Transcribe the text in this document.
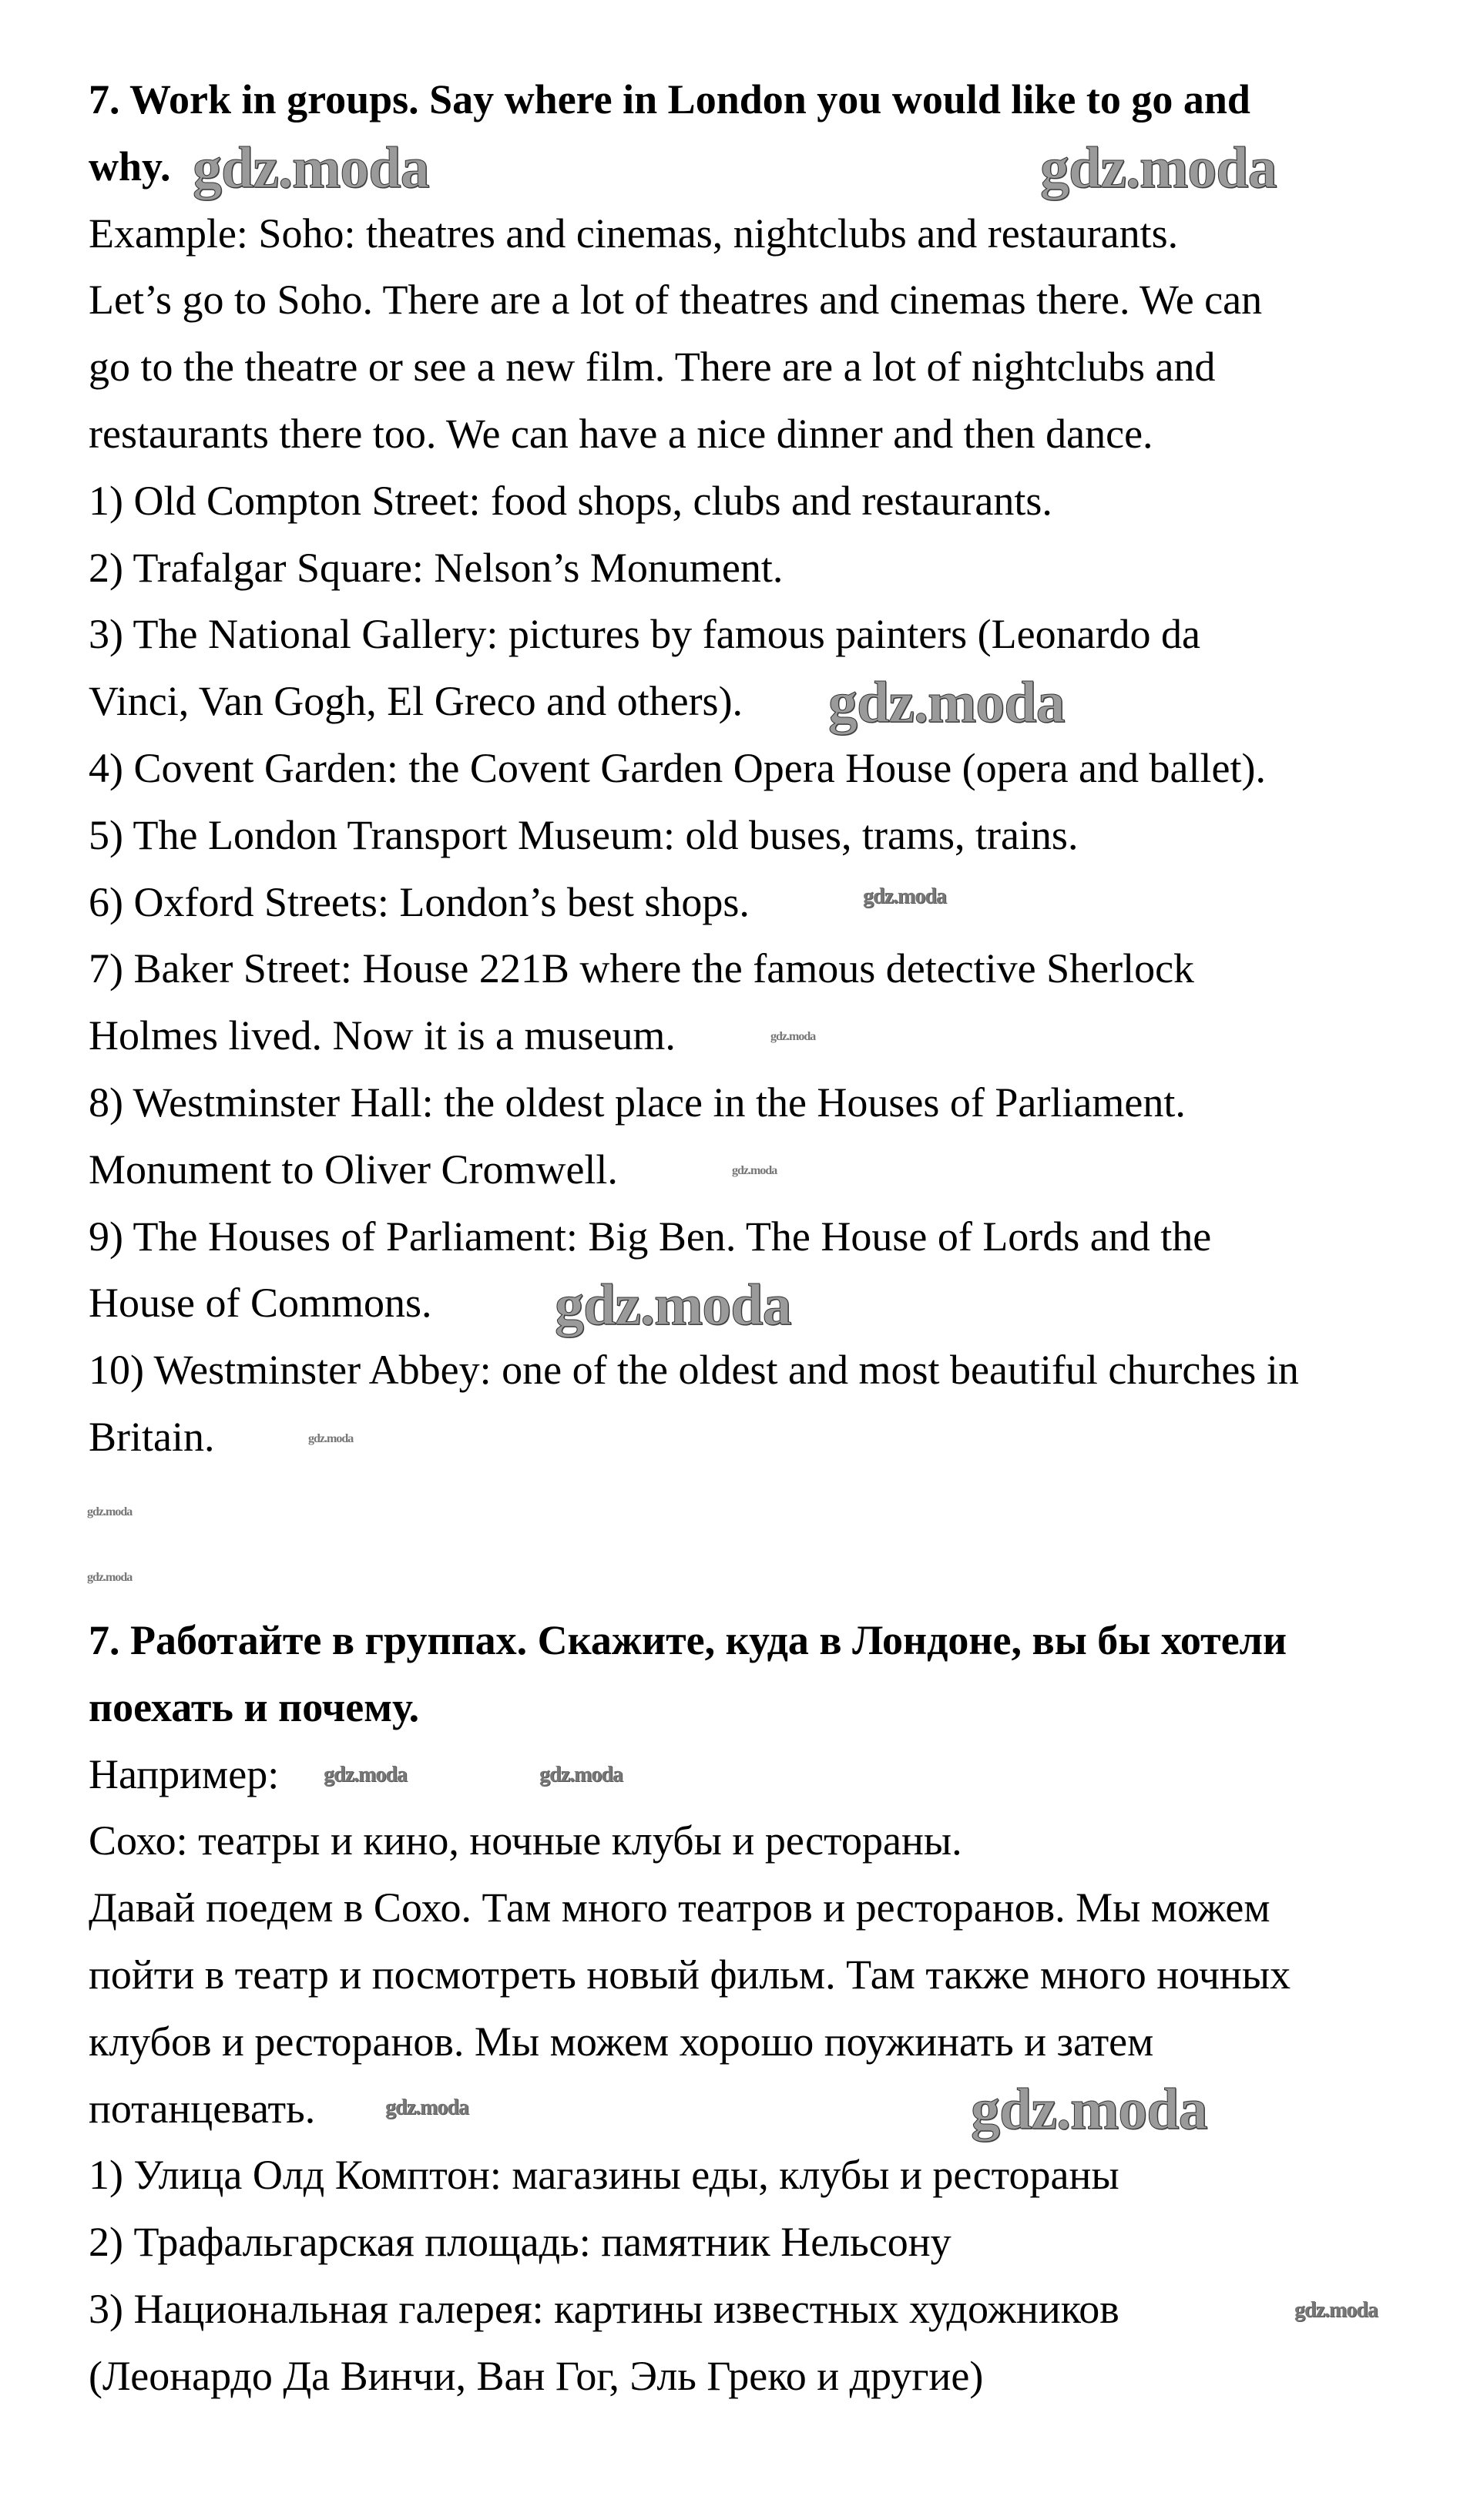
7. Work in groups. Say where in London you would like to go and
why.
Example: Soho: theatres and cinemas, nightclubs and restaurants.
Let’s go to Soho. There are a lot of theatres and cinemas there. We can
go to the theatre or see a new film. There are a lot of nightclubs and
restaurants there too. We can have a nice dinner and then dance.
1) Old Compton Street: food shops, clubs and restaurants.
2) Trafalgar Square: Nelson’s Monument.
3) The National Gallery: pictures by famous painters (Leonardo da
Vinci, Van Gogh, El Greco and others).
4) Covent Garden: the Covent Garden Opera House (opera and ballet).
5) The London Transport Museum: old buses, trams, trains.
6) Oxford Streets: London’s best shops.
7) Baker Street: House 221B where the famous detective Sherlock
Holmes lived. Now it is a museum.
8) Westminster Hall: the oldest place in the Houses of Parliament.
Monument to Oliver Cromwell.
9) The Houses of Parliament: Big Ben. The House of Lords and the
House of Commons.
10) Westminster Abbey: one of the oldest and most beautiful churches in
Britain.
7. Работайте в группах. Скажите, куда в Лондоне, вы бы хотели
поехать и почему.
Например:
Сохо: театры и кино, ночные клубы и рестораны.
Давай поедем в Сохо. Там много театров и ресторанов. Мы можем
пойти в театр и посмотреть новый фильм. Там также много ночных
клубов и ресторанов. Мы можем хорошо поужинать и затем
потанцевать.
1) Улица Олд Комптон: магазины еды, клубы и рестораны
2) Трафальгарская площадь: памятник Нельсону
3) Национальная галерея: картины известных художников
(Леонардо Да Винчи, Ван Гог, Эль Греко и другие)
gdz.moda	gdz.moda
gdz.moda
gdz.moda
gdz.moda
gdz.moda
gdz.moda
gdz.moda
gdz.moda
gdz.moda
gdz.moda	gdz.moda
gdz.moda	gdz.moda
gdz.moda
